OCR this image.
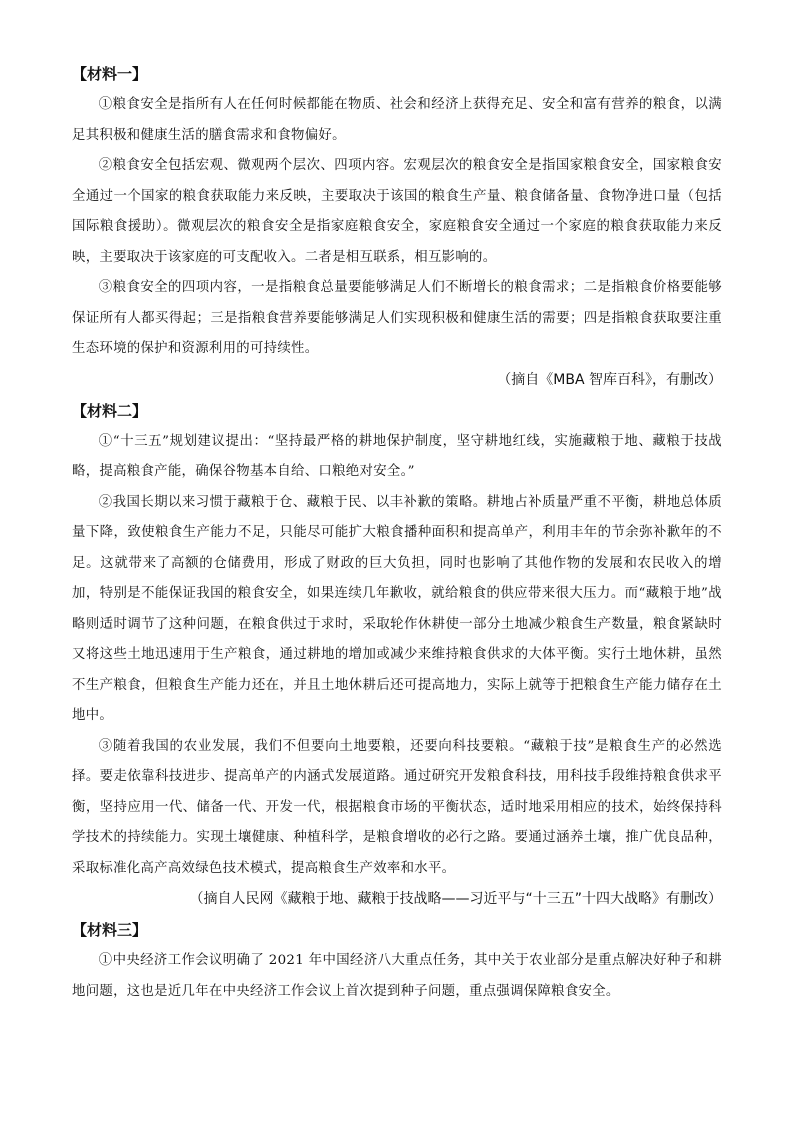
【材料一】

①粮食安全是指所有人在任何时候都能在物质、社会和经济上获得充足、安全和富有营养的粮食，以满足其积极和健康生活的膳食需求和食物偏好。

②粮食安全包括宏观、微观两个层次、四项内容。宏观层次的粮食安全是指国家粮食安全，国家粮食安全通过一个国家的粮食获取能力来反映，主要取决于该国的粮食生产量、粮食储备量、食物净进口量（包括国际粮食援助）。微观层次的粮食安全是指家庭粮食安全，家庭粮食安全通过一个家庭的粮食获取能力来反映，主要取决于该家庭的可支配收入。二者是相互联系，相互影响的。

③粮食安全的四项内容，一是指粮食总量要能够满足人们不断增长的粮食需求；二是指粮食价格要能够保证所有人都买得起；三是指粮食营养要能够满足人们实现积极和健康生活的需要；四是指粮食获取要注重生态环境的保护和资源利用的可持续性。

（摘自《MBA 智库百科》，有删改）
【材料二】

①“十三五”规划建议提出：“坚持最严格的耕地保护制度，坚守耕地红线，实施藏粮于地、藏粮于技战略，提高粮食产能，确保谷物基本自给、口粮绝对安全。”

②我国长期以来习惯于藏粮于仓、藏粮于民、以丰补歉的策略。耕地占补质量严重不平衡，耕地总体质量下降，致使粮食生产能力不足，只能尽可能扩大粮食播种面积和提高单产，利用丰年的节余弥补歉年的不足。这就带来了高额的仓储费用，形成了财政的巨大负担，同时也影响了其他作物的发展和农民收入的增加，特别是不能保证我国的粮食安全，如果连续几年歉收，就给粮食的供应带来很大压力。而“藏粮于地”战略则适时调节了这种问题，在粮食供过于求时，采取轮作休耕使一部分土地减少粮食生产数量，粮食紧缺时又将这些土地迅速用于生产粮食，通过耕地的增加或减少来维持粮食供求的大体平衡。实行土地休耕，虽然不生产粮食，但粮食生产能力还在，并且土地休耕后还可提高地力，实际上就等于把粮食生产能力储存在土地中。

③随着我国的农业发展，我们不但要向土地要粮，还要向科技要粮。“藏粮于技”是粮食生产的必然选择。要走依靠科技进步、提高单产的内涵式发展道路。通过研究开发粮食科技，用科技手段维持粮食供求平衡，坚持应用一代、储备一代、开发一代，根据粮食市场的平衡状态，适时地采用相应的技术，始终保持科学技术的持续能力。实现土壤健康、种植科学，是粮食增收的必行之路。要通过涵养土壤，推广优良品种，采取标准化高产高效绿色技术模式，提高粮食生产效率和水平。

（摘自人民网《藏粮于地、藏粮于技战略——习近平与“十三五”十四大战略》有删改）
【材料三】

①中央经济工作会议明确了 2021 年中国经济八大重点任务，其中关于农业部分是重点解决好种子和耕地问题，这也是近几年在中央经济工作会议上首次提到种子问题，重点强调保障粮食安全。
